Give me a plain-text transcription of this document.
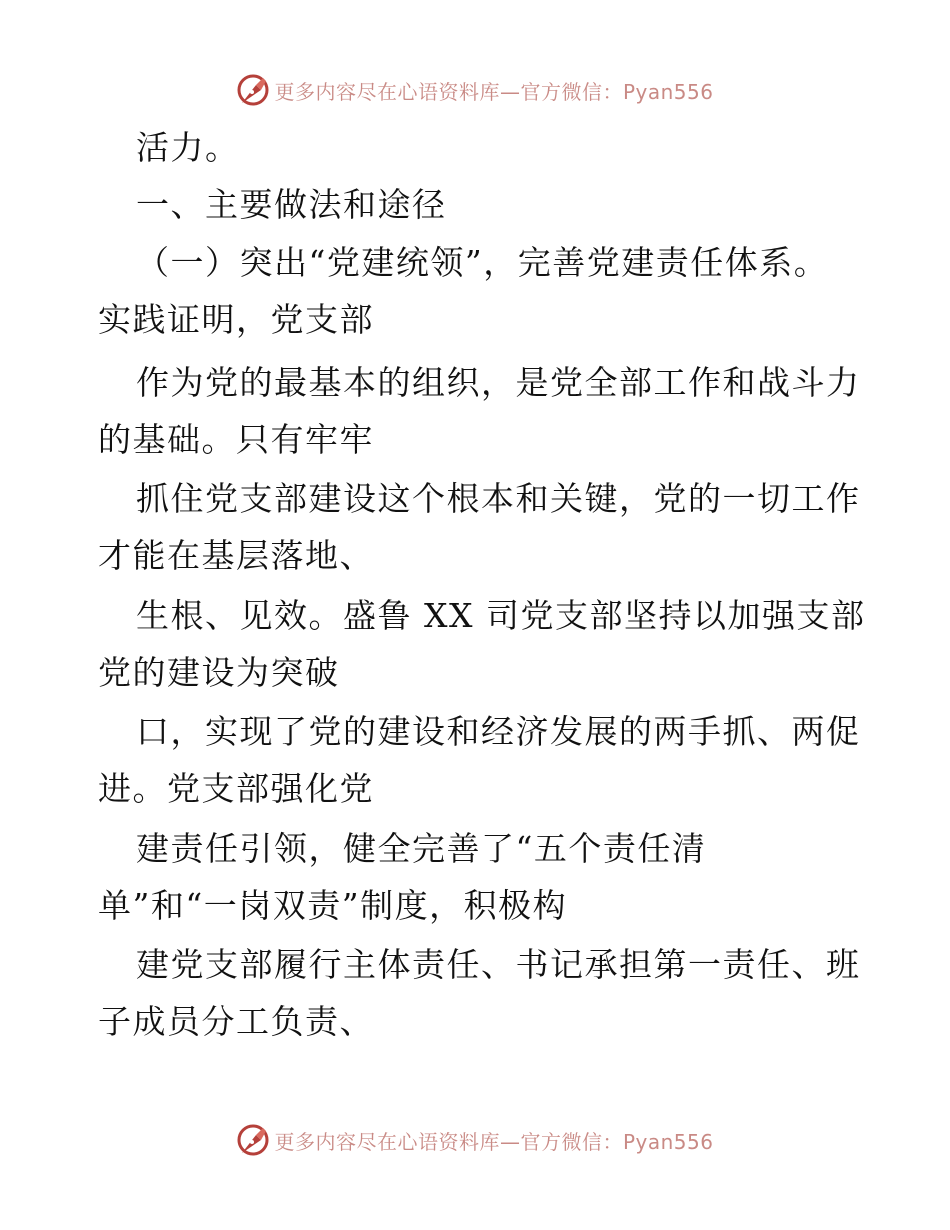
更多内容尽在心语资料库—官方微信：Pyan556
活力。
一、主要做法和途径
（一）突出“党建统领”，完善党建责任体系。
实践证明，党支部
作为党的最基本的组织，是党全部工作和战斗力
的基础。只有牢牢
抓住党支部建设这个根本和关键，党的一切工作
才能在基层落地、
生根、见效。盛鲁 XX 司党支部坚持以加强支部
党的建设为突破
口，实现了党的建设和经济发展的两手抓、两促
进。党支部强化党
建责任引领，健全完善了“五个责任清
单”和“一岗双责”制度，积极构
建党支部履行主体责任、书记承担第一责任、班
子成员分工负责、
更多内容尽在心语资料库—官方微信：Pyan556
